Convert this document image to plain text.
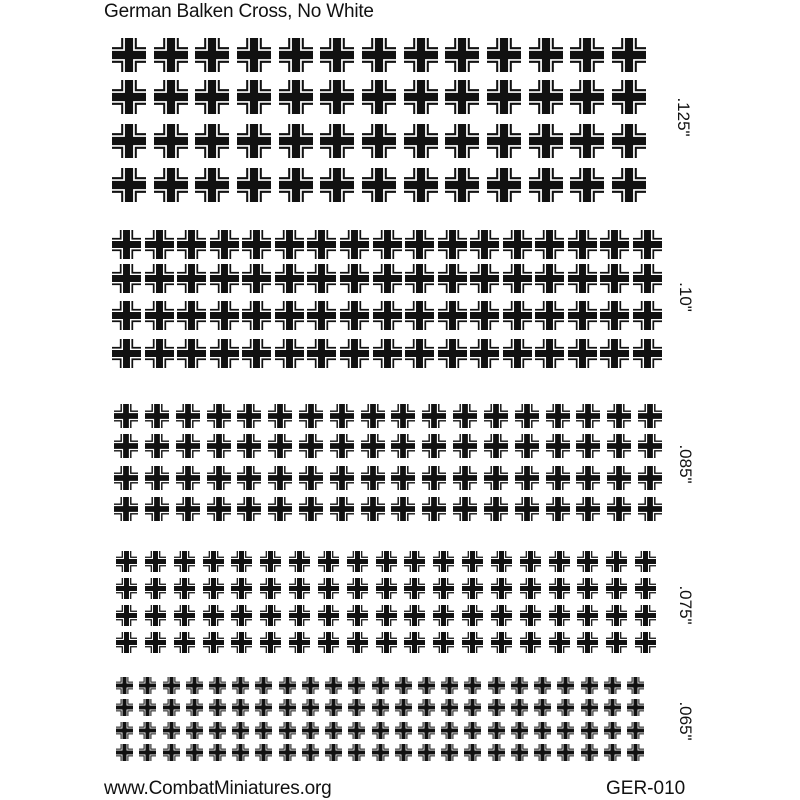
German Balken Cross, No White
.125"
.10"
.085"
.075"
.065"
www.CombatMiniatures.org	GER-010
